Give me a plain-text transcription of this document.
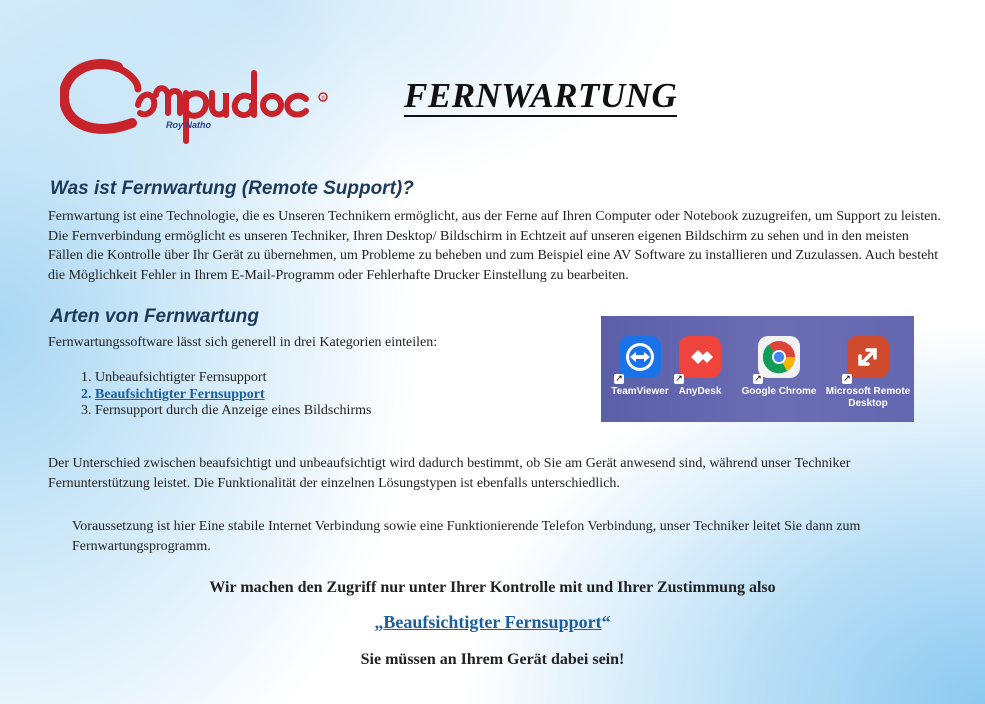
®
Roy Natho
FERNWARTUNG
Was ist Fernwartung (Remote Support)?

Fernwartung ist eine Technologie, die es Unseren Technikern ermöglicht, aus der Ferne auf Ihren Computer oder Notebook zuzugreifen, um Support zu leisten. Die Fernverbindung ermöglicht es unseren Techniker, Ihren Desktop/ Bildschirm in Echtzeit auf unseren eigenen Bildschirm zu sehen und in den meisten Fällen die Kontrolle über Ihr Gerät zu übernehmen, um Probleme zu beheben und zum Beispiel eine AV Software zu installieren und Zuzulassen. Auch besteht die Möglichkeit Fehler in Ihrem E-Mail-Programm oder Fehlerhafte Drucker Einstellung zu bearbeiten.

Arten von Fernwartung

Fernwartungssoftware lässt sich generell in drei Kategorien einteilen:

1. Unbeaufsichtigter Fernsupport
2. Beaufsichtigter Fernsupport
3. Fernsupport durch die Anzeige eines Bildschirms
↗
TeamViewer
↗
AnyDesk
↗
Google Chrome
↗
Microsoft Remote Desktop

Der Unterschied zwischen beaufsichtigt und unbeaufsichtigt wird dadurch bestimmt, ob Sie am Gerät anwesend sind, während unser Techniker Fernunterstützung leistet. Die Funktionalität der einzelnen Lösungstypen ist ebenfalls unterschiedlich.

Voraussetzung ist hier Eine stabile Internet Verbindung sowie eine Funktionierende Telefon Verbindung, unser Techniker leitet Sie dann zum Fernwartungsprogramm.

Wir machen den Zugriff nur unter Ihrer Kontrolle mit und Ihrer Zustimmung also

„Beaufsichtigter Fernsupport“

Sie müssen an Ihrem Gerät dabei sein!
